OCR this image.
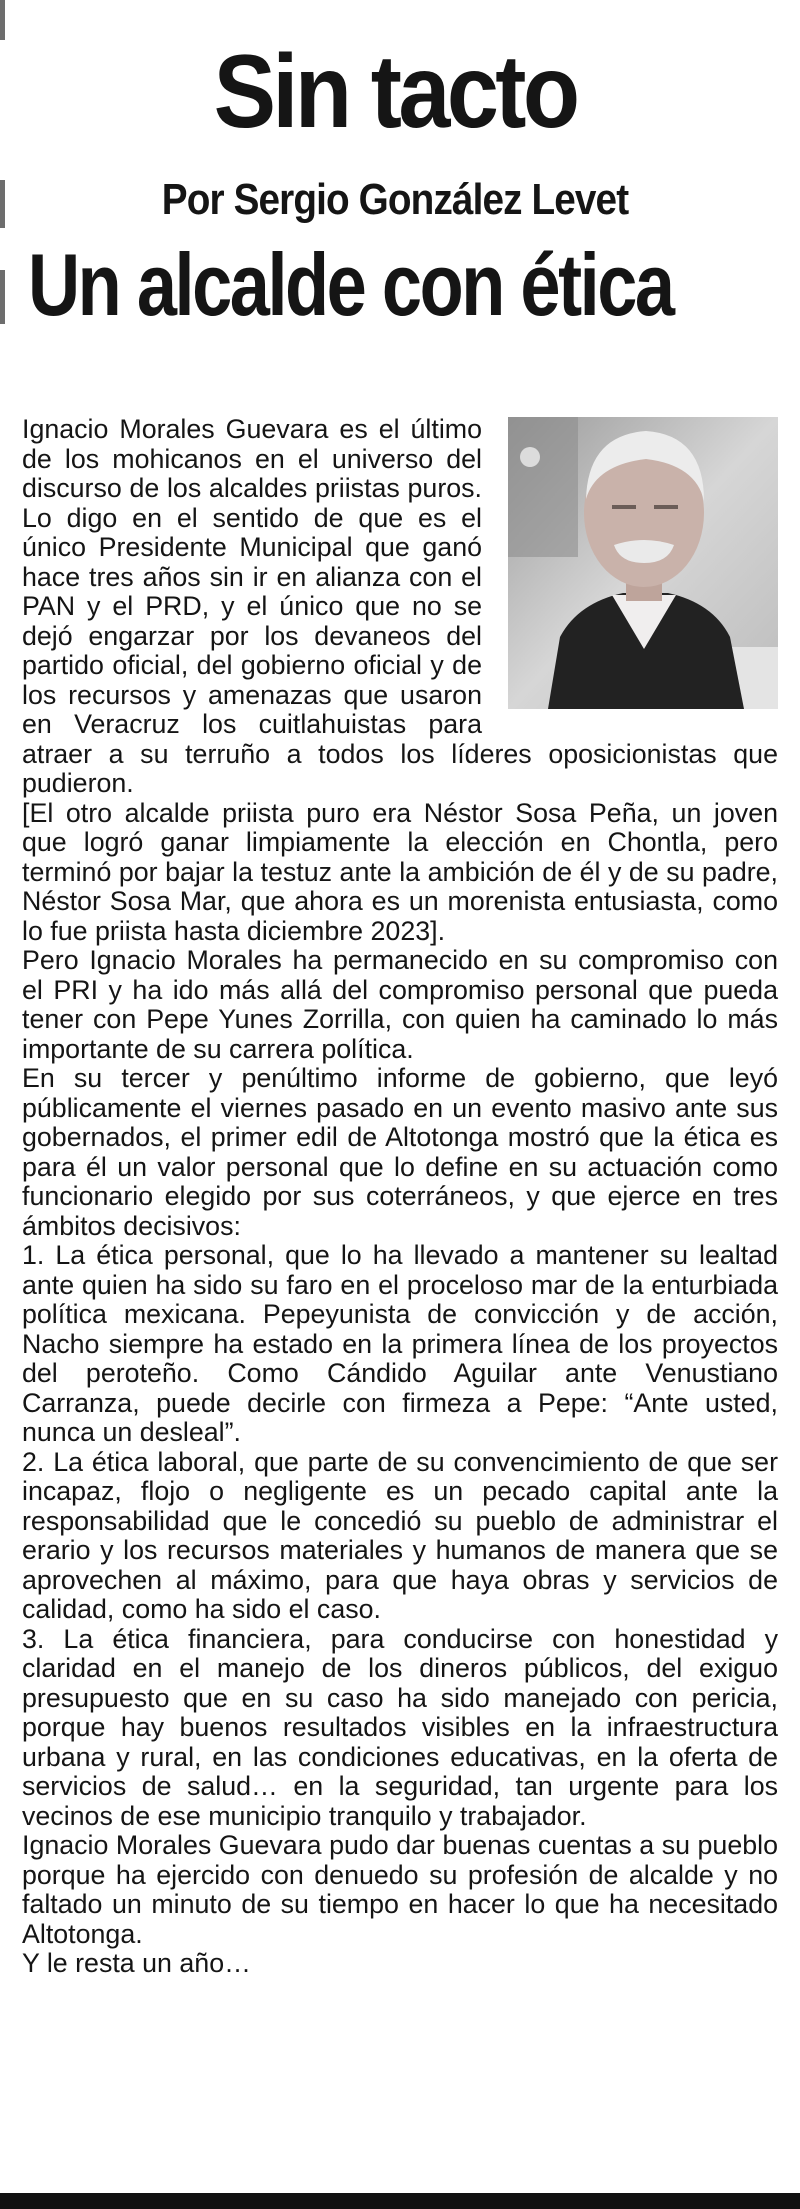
Sin tacto
Por Sergio González Levet
Un alcalde con ética

Ignacio Morales Guevara es el último de los mohicanos en el universo del discurso de los alcaldes priistas puros. Lo digo en el sentido de que es el único Presidente Municipal que ganó hace tres años sin ir en alianza con el PAN y el PRD, y el único que no se dejó engarzar por los devaneos del partido oficial, del gobierno oficial y de los recursos y amenazas que usaron en Veracruz los cuitlahuistas para atraer a su terruño a todos los líderes oposicionistas que pudieron.

[El otro alcalde priista puro era Néstor Sosa Peña, un joven que logró ganar limpiamente la elección en Chontla, pero terminó por bajar la testuz ante la ambición de él y de su padre, Néstor Sosa Mar, que ahora es un morenista entusiasta, como lo fue priista hasta diciembre 2023].

Pero Ignacio Morales ha permanecido en su compromiso con el PRI y ha ido más allá del compromiso personal que pueda tener con Pepe Yunes Zorrilla, con quien ha caminado lo más importante de su carrera política.

En su tercer y penúltimo informe de gobierno, que leyó públicamente el viernes pasado en un evento masivo ante sus gobernados, el primer edil de Altotonga mostró que la ética es para él un valor personal que lo define en su actuación como funcionario elegido por sus coterráneos, y que ejerce en tres ámbitos decisivos:

1. La ética personal, que lo ha llevado a mantener su lealtad ante quien ha sido su faro en el proceloso mar de la enturbiada política mexicana. Pepeyunista de convicción y de acción, Nacho siempre ha estado en la primera línea de los proyectos del peroteño. Como Cándido Aguilar ante Venustiano Carranza, puede decirle con firmeza a Pepe: “Ante usted, nunca un desleal”.

2. La ética laboral, que parte de su convencimiento de que ser incapaz, flojo o negligente es un pecado capital ante la responsabilidad que le concedió su pueblo de administrar el erario y los recursos materiales y humanos de manera que se aprovechen al máximo, para que haya obras y servicios de calidad, como ha sido el caso.

3. La ética financiera, para conducirse con honestidad y claridad en el manejo de los dineros públicos, del exiguo presupuesto que en su caso ha sido manejado con pericia, porque hay buenos resultados visibles en la infraestructura urbana y rural, en las condiciones educativas, en la oferta de servicios de salud… en la seguridad, tan urgente para los vecinos de ese municipio tranquilo y trabajador.

Ignacio Morales Guevara pudo dar buenas cuentas a su pueblo porque ha ejercido con denuedo su profesión de alcalde y no faltado un minuto de su tiempo en hacer lo que ha necesitado Altotonga.

Y le resta un año…
